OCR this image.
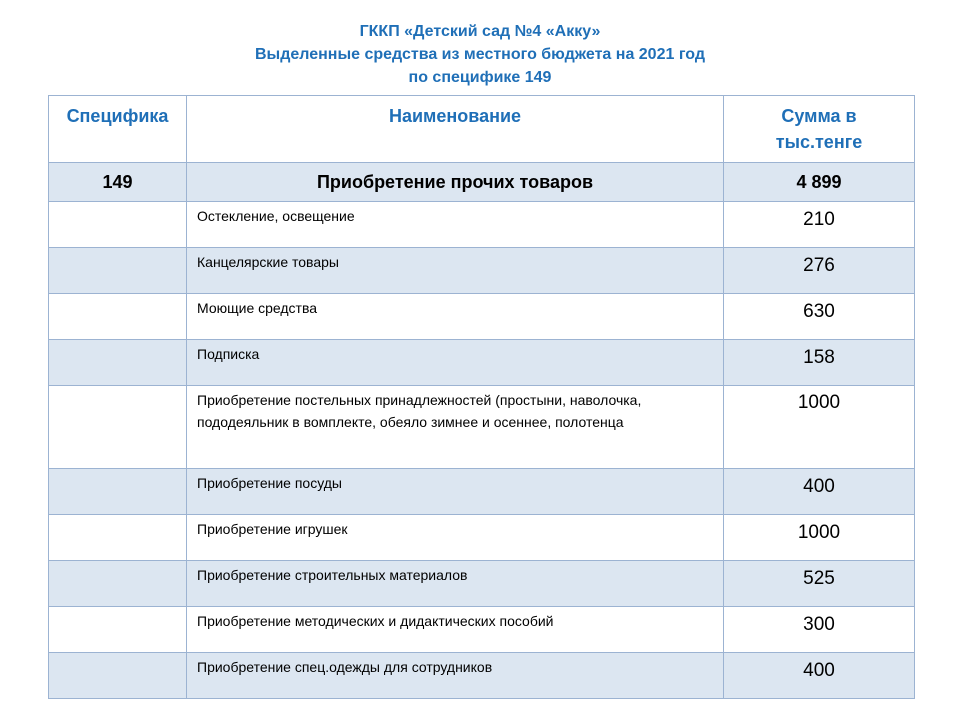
ГККП «Детский сад №4 «Акку»
Выделенные средства из местного бюджета на 2021 год
по специфике 149
Специфика	Наименование	Сумма в
тыс.тенге

149	Приобретение прочих товаров	4 899
	Остекление, освещение	210
	Канцелярские товары	276
	Моющие средства	630
	Подписка	158
	Приобретение постельных принадлежностей (простыни, наволочка, пододеяльник в вомплекте, обеяло зимнее и осеннее, полотенца	1000
	Приобретение посуды	400
	Приобретение игрушек	1000
	Приобретение строительных материалов	525
	Приобретение методических и дидактических пособий	300
	Приобретение спец.одежды для сотрудников	400
